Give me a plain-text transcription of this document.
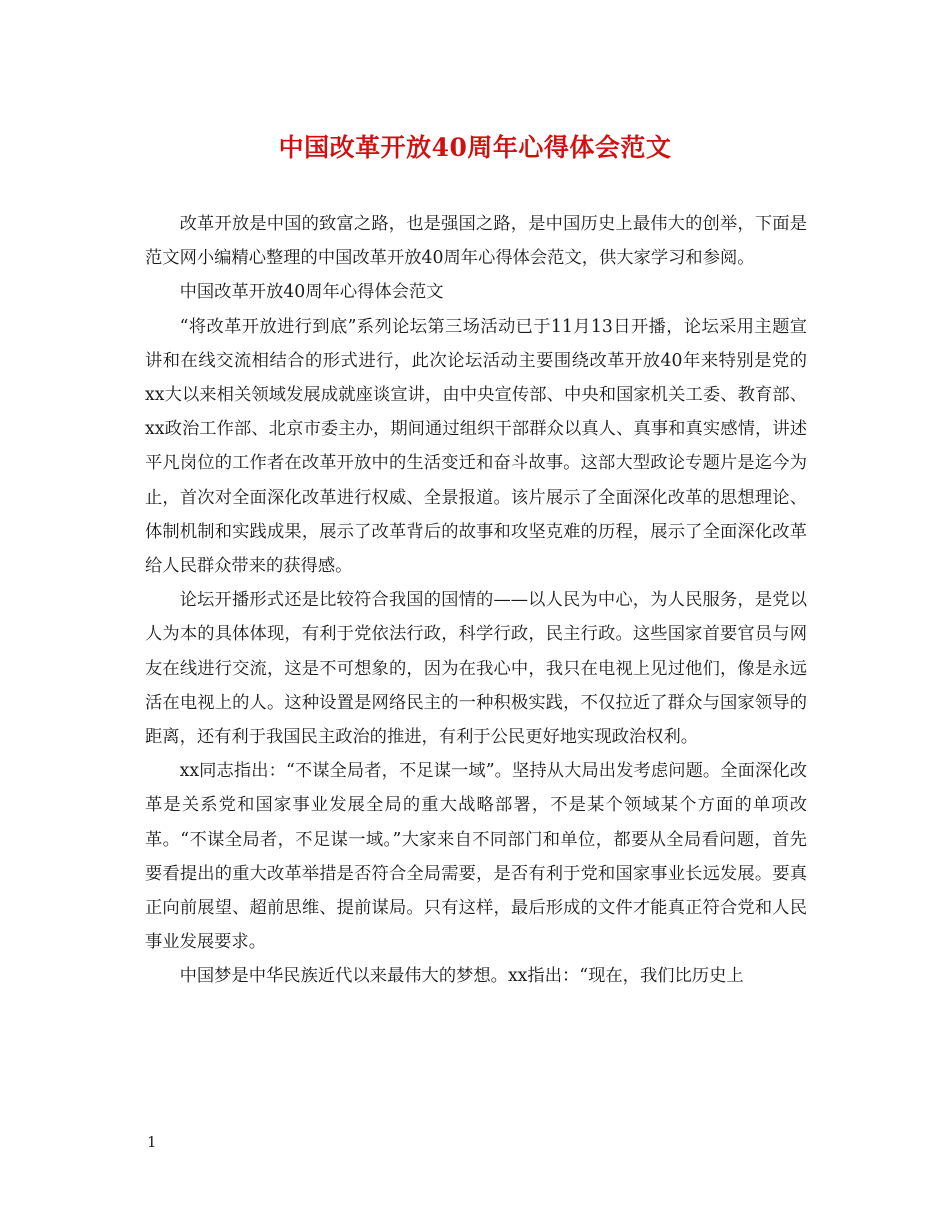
中国改革开放40周年心得体会范文

改革开放是中国的致富之路，也是强国之路，是中国历史上最伟大的创举，下面是范文网小编精心整理的中国改革开放40周年心得体会范文，供大家学习和参阅。

中国改革开放40周年心得体会范文

“将改革开放进行到底”系列论坛第三场活动已于11月13日开播，论坛采用主题宣讲和在线交流相结合的形式进行，此次论坛活动主要围绕改革开放40年来特别是党的xx大以来相关领域发展成就座谈宣讲，由中央宣传部、中央和国家机关工委、教育部、xx政治工作部、北京市委主办，期间通过组织干部群众以真人、真事和真实感情，讲述平凡岗位的工作者在改革开放中的生活变迁和奋斗故事。这部大型政论专题片是迄今为止，首次对全面深化改革进行权威、全景报道。该片展示了全面深化改革的思想理论、体制机制和实践成果，展示了改革背后的故事和攻坚克难的历程，展示了全面深化改革给人民群众带来的获得感。

论坛开播形式还是比较符合我国的国情的——以人民为中心，为人民服务，是党以人为本的具体体现，有利于党依法行政，科学行政，民主行政。这些国家首要官员与网友在线进行交流，这是不可想象的，因为在我心中，我只在电视上见过他们，像是永远活在电视上的人。这种设置是网络民主的一种积极实践，不仅拉近了群众与国家领导的距离，还有利于我国民主政治的推进，有利于公民更好地实现政治权利。

xx同志指出：“不谋全局者，不足谋一域”。坚持从大局出发考虑问题。全面深化改革是关系党和国家事业发展全局的重大战略部署，不是某个领域某个方面的单项改革。“不谋全局者，不足谋一域。”大家来自不同部门和单位，都要从全局看问题，首先要看提出的重大改革举措是否符合全局需要，是否有利于党和国家事业长远发展。要真正向前展望、超前思维、提前谋局。只有这样，最后形成的文件才能真正符合党和人民事业发展要求。

中国梦是中华民族近代以来最伟大的梦想。xx指出：“现在，我们比历史上

1
